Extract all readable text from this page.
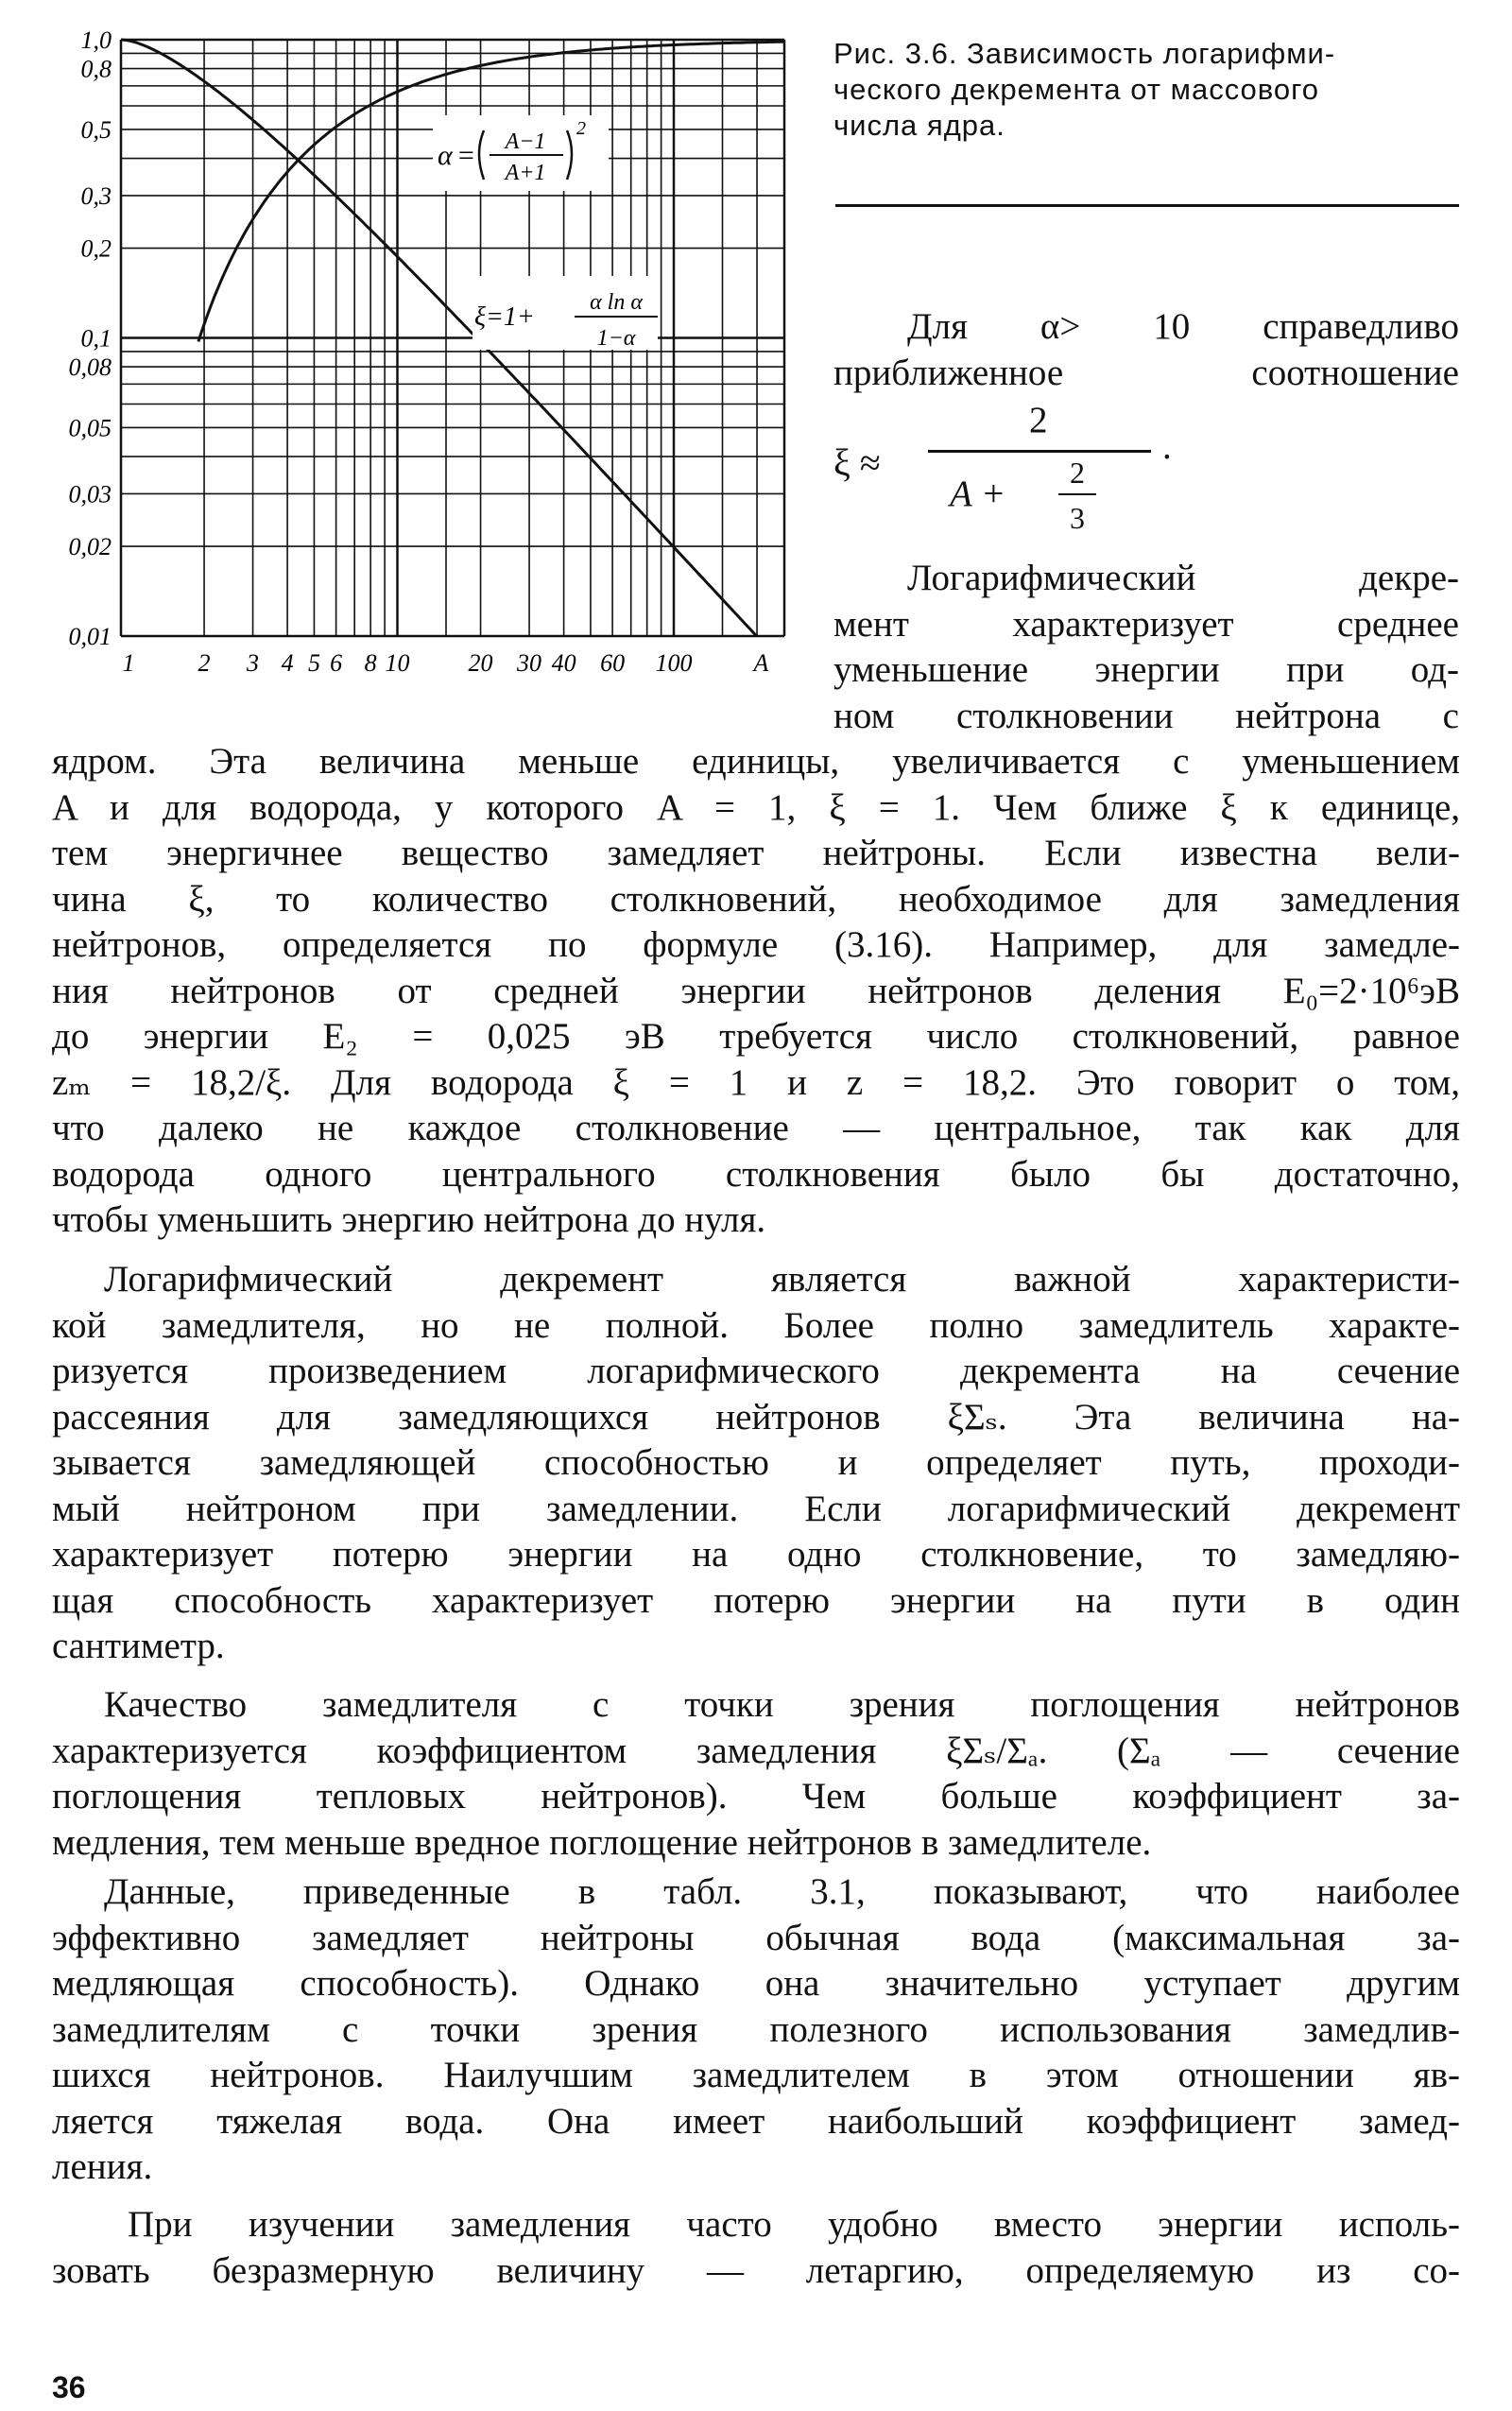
1,0
0,8
0,5
0,3
0,2
0,1
0,08
0,05
0,03
0,02
0,01
1	2 3 4 5 6 8 10 20 30 40 60 100 A
α = A−1
A+1
2
ξ=1+ α ln α
1−α
Рис. 3.6. Зависимость логарифми-
ческого декремента от массового
числа ядра.
Для α> 10 справедливо
приближенное соотношение
ξ ≈
2
.
A +
2
3
Логарифмический декре-
мент характеризует среднее
уменьшение энергии при од-
ном столкновении нейтрона с
ядром. Эта величина меньше единицы, увеличивается с уменьшением
A и для водорода, у которого A = 1, ξ = 1. Чем ближе ξ к единице,
тем энергичнее вещество замедляет нейтроны. Если известна вели-
чина ξ, то количество столкновений, необходимое для замедления
нейтронов, определяется по формуле (3.16). Например, для замедле-
ния нейтронов от средней энергии нейтронов деления E₀=2·10⁶эВ
до энергии E₂ = 0,025 эВ требуется число столкновений, равное
zₘ = 18,2/ξ. Для водорода ξ = 1 и z = 18,2. Это говорит о том,
что далеко не каждое столкновение — центральное, так как для
водорода одного центрального столкновения было бы достаточно,
чтобы уменьшить энергию нейтрона до нуля.
Логарифмический декремент является важной характеристи-
кой замедлителя, но не полной. Более полно замедлитель характе-
ризуется произведением логарифмического декремента на сечение
рассеяния для замедляющихся нейтронов ξΣₛ. Эта величина на-
зывается замедляющей способностью и определяет путь, проходи-
мый нейтроном при замедлении. Если логарифмический декремент
характеризует потерю энергии на одно столкновение, то замедляю-
щая способность характеризует потерю энергии на пути в один
сантиметр.
Качество замедлителя с точки зрения поглощения нейтронов
характеризуется коэффициентом замедления ξΣₛ/Σₐ. (Σₐ — сечение
поглощения тепловых нейтронов). Чем больше коэффициент за-
медления, тем меньше вредное поглощение нейтронов в замедлителе.
Данные, приведенные в табл. 3.1, показывают, что наиболее
эффективно замедляет нейтроны обычная вода (максимальная за-
медляющая способность). Однако она значительно уступает другим
замедлителям с точки зрения полезного использования замедлив-
шихся нейтронов. Наилучшим замедлителем в этом отношении яв-
ляется тяжелая вода. Она имеет наибольший коэффициент замед-
ления.
При изучении замедления часто удобно вместо энергии исполь-
зовать безразмерную величину — летаргию, определяемую из со-
36
